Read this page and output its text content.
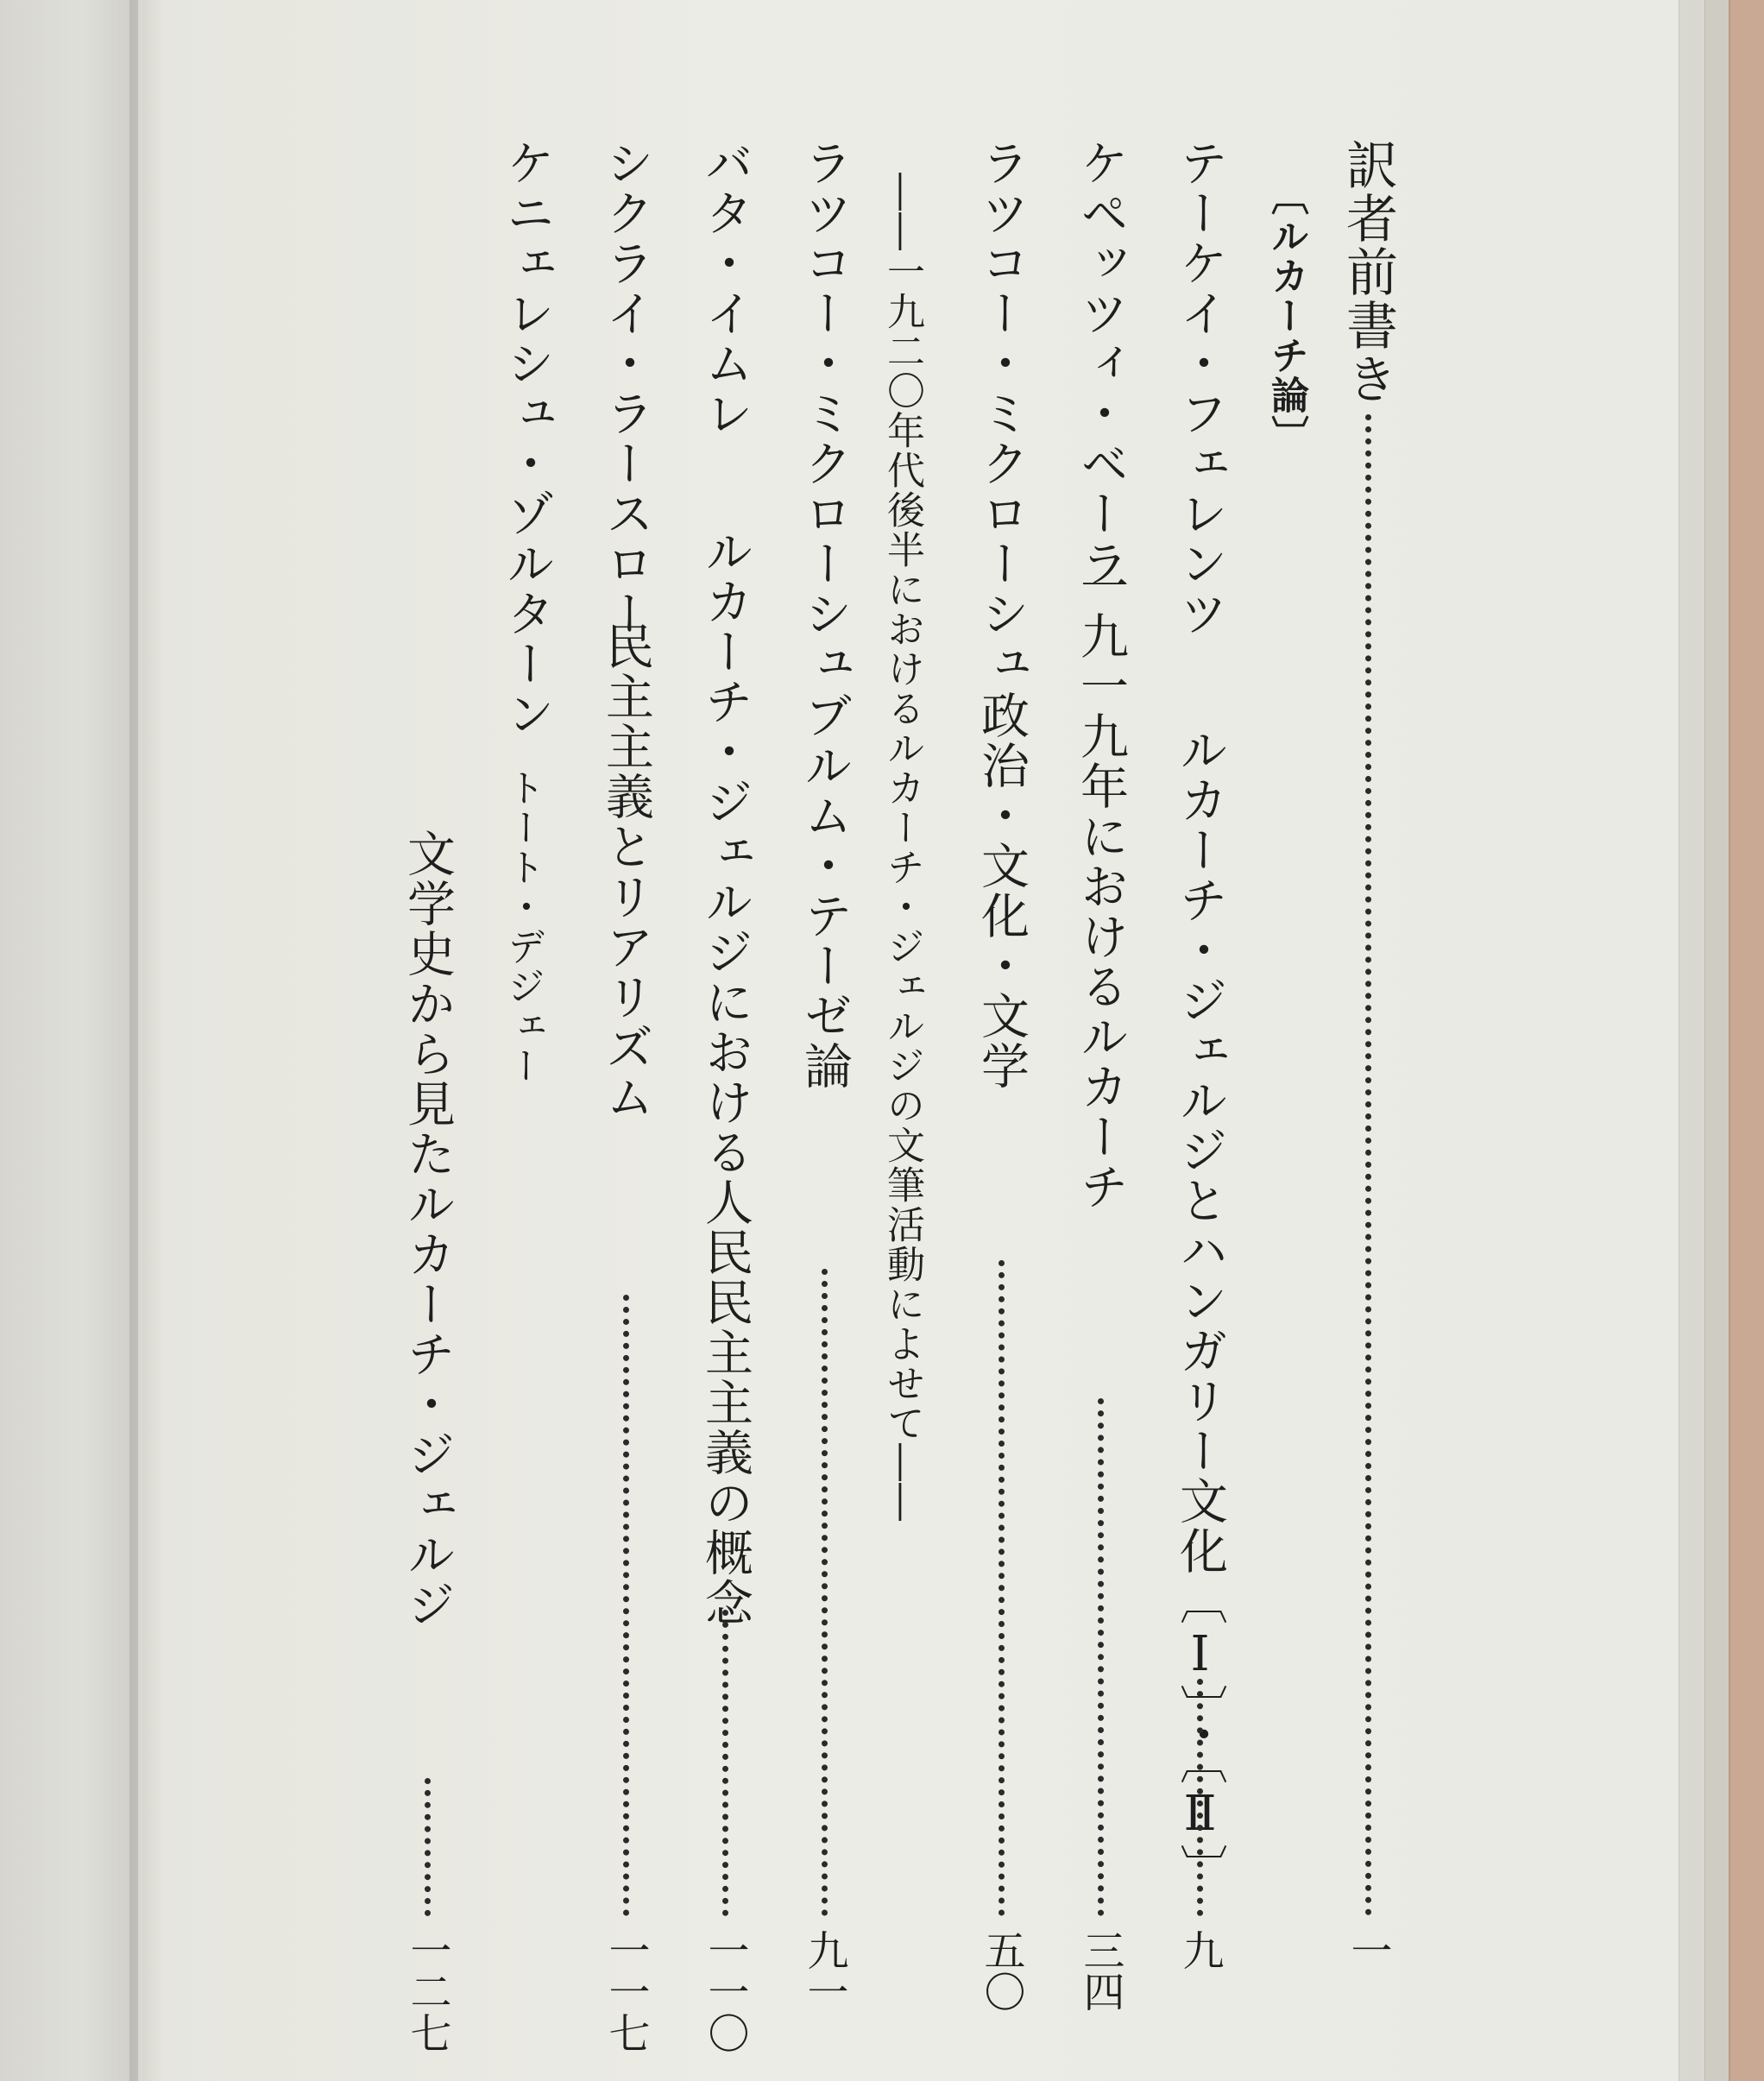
訳者前書き
一
〔ルカーチ論〕
テーケイ・フェレンツ
ルカーチ・ジェルジとハンガリー文化〔Ⅰ〕・〔Ⅱ〕
九
ケペッツィ・ベーラ
一九一九年におけるルカーチ
三四
ラツコー・ミクローシュ
政治・文化・文学
五〇
――一九二〇年代後半におけるルカーチ・ジェルジの文筆活動によせて――
ラツコー・ミクローシュ
ブルム・テーゼ論
九一
バタ・イムレ
ルカーチ・ジェルジにおける人民民主主義の概念
一一〇
シクライ・ラースロー
民主主義とリアリズム
一一七
ケニェレシュ・ゾルターン
トート・デジェー
文学史から見たルカーチ・ジェルジ
一二七
